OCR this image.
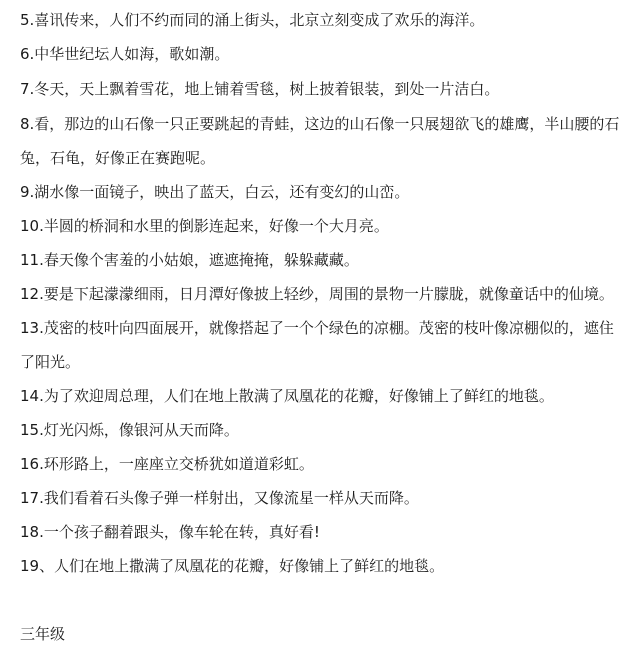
5.喜讯传来，人们不约而同的涌上街头，北京立刻变成了欢乐的海洋。
6.中华世纪坛人如海，歌如潮。
7.冬天，天上飘着雪花，地上铺着雪毯，树上披着银装，到处一片洁白。
8.看，那边的山石像一只正要跳起的青蛙，这边的山石像一只展翅欲飞的雄鹰，半山腰的石
兔，石龟，好像正在赛跑呢。
9.湖水像一面镜子，映出了蓝天，白云，还有变幻的山峦。
10.半圆的桥洞和水里的倒影连起来，好像一个大月亮。
11.春天像个害羞的小姑娘，遮遮掩掩，躲躲藏藏。
12.要是下起濛濛细雨，日月潭好像披上轻纱，周围的景物一片朦胧，就像童话中的仙境。
13.茂密的枝叶向四面展开，就像搭起了一个个绿色的凉棚。茂密的枝叶像凉棚似的，遮住
了阳光。
14.为了欢迎周总理，人们在地上散满了凤凰花的花瓣，好像铺上了鲜红的地毯。
15.灯光闪烁，像银河从天而降。
16.环形路上，一座座立交桥犹如道道彩虹。
17.我们看着石头像子弹一样射出，又像流星一样从天而降。
18.一个孩子翻着跟头，像车轮在转，真好看!
19、人们在地上撒满了凤凰花的花瓣，好像铺上了鲜红的地毯。
三年级
